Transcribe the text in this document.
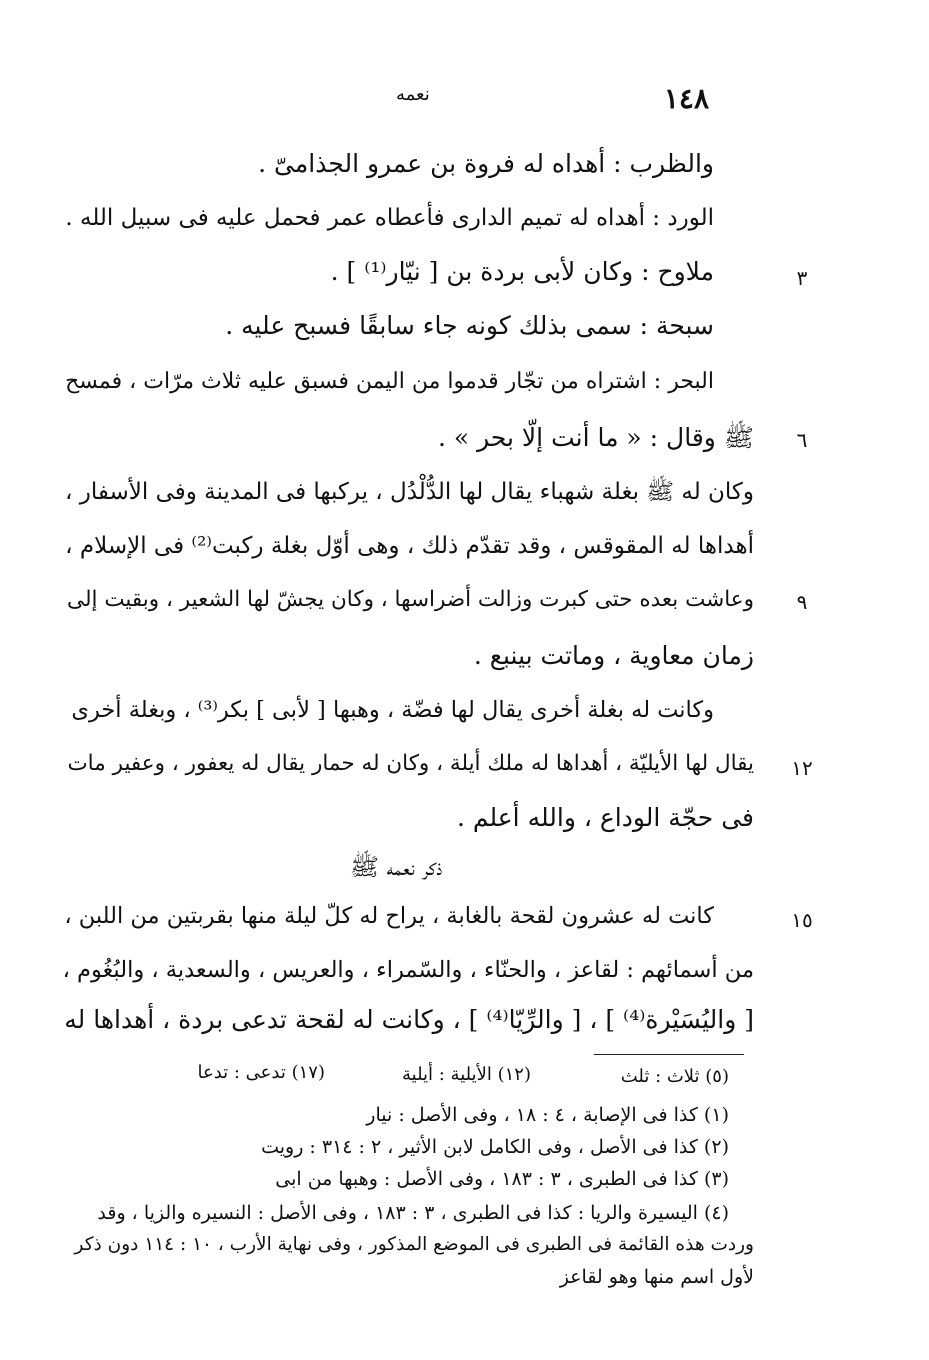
١٤٨
نعمه
٣
٦
٩
١٢
١٥
والظرب : أهداه له فروة بن عمرو الجذامىّ .
الورد : أهداه له تميم الدارى فأعطاه عمر فحمل عليه فى سبيل الله .
ملاوح : وكان لأبى بردة بن [ نيّار⁽¹⁾ ] .
سبحة : سمى بذلك كونه جاء سابقًا فسبح عليه .
البحر : اشتراه من تجّار قدموا من اليمن فسبق عليه ثلاث مرّات ، فمسح
ﷺ وقال : « ما أنت إلّا بحر » .
وكان له ﷺ بغلة شهباء يقال لها الدُّلْدُل ، يركبها فى المدينة وفى الأسفار ،
أهداها له المقوقس ، وقد تقدّم ذلك ، وهى أوّل بغلة ركبت⁽²⁾ فى الإسلام ،
وعاشت بعده حتى كبرت وزالت أضراسها ، وكان يجشّ لها الشعير ، وبقيت إلى
زمان معاوية ، وماتت بينبع .
وكانت له بغلة أخرى يقال لها فضّة ، وهبها [ لأبى ] بكر⁽³⁾ ، وبغلة أخرى
يقال لها الأيليّة ، أهداها له ملك أيلة ، وكان له حمار يقال له يعفور ، وعفير مات
فى حجّة الوداع ، والله أعلم .
ذكر نعمه ﷺ
كانت له عشرون لقحة بالغابة ، يراح له كلّ ليلة منها بقربتين من اللبن ،
من أسمائهم : لقاعز ، والحنّاء ، والسّمراء ، والعريس ، والسعدية ، والبُغُوم ،
[ واليُسَيْرة⁽⁴⁾ ] ، [ والرِّيّا⁽⁴⁾ ] ، وكانت له لقحة تدعى بردة ، أهداها له
(٥) ثلاث : ثلث
(١٢) الأيلية : أيلية
(١٧) تدعى : تدعا
(١) كذا فى الإصابة ، ٤ : ١٨ ، وفى الأصل : نيار
(٢) كذا فى الأصل ، وفى الكامل لابن الأثير ، ٢ : ٣١٤ : رويت
(٣) كذا فى الطبرى ، ٣ : ١٨٣ ، وفى الأصل : وهبها من ابى
(٤) اليسيرة والريا : كذا فى الطبرى ، ٣ : ١٨٣ ، وفى الأصل : النسيره والزيا ، وقد
وردت هذه القائمة فى الطبرى فى الموضع المذكور ، وفى نهاية الأرب ، ١٠ : ١١٤ دون ذكر
لأول اسم منها وهو لقاعز
